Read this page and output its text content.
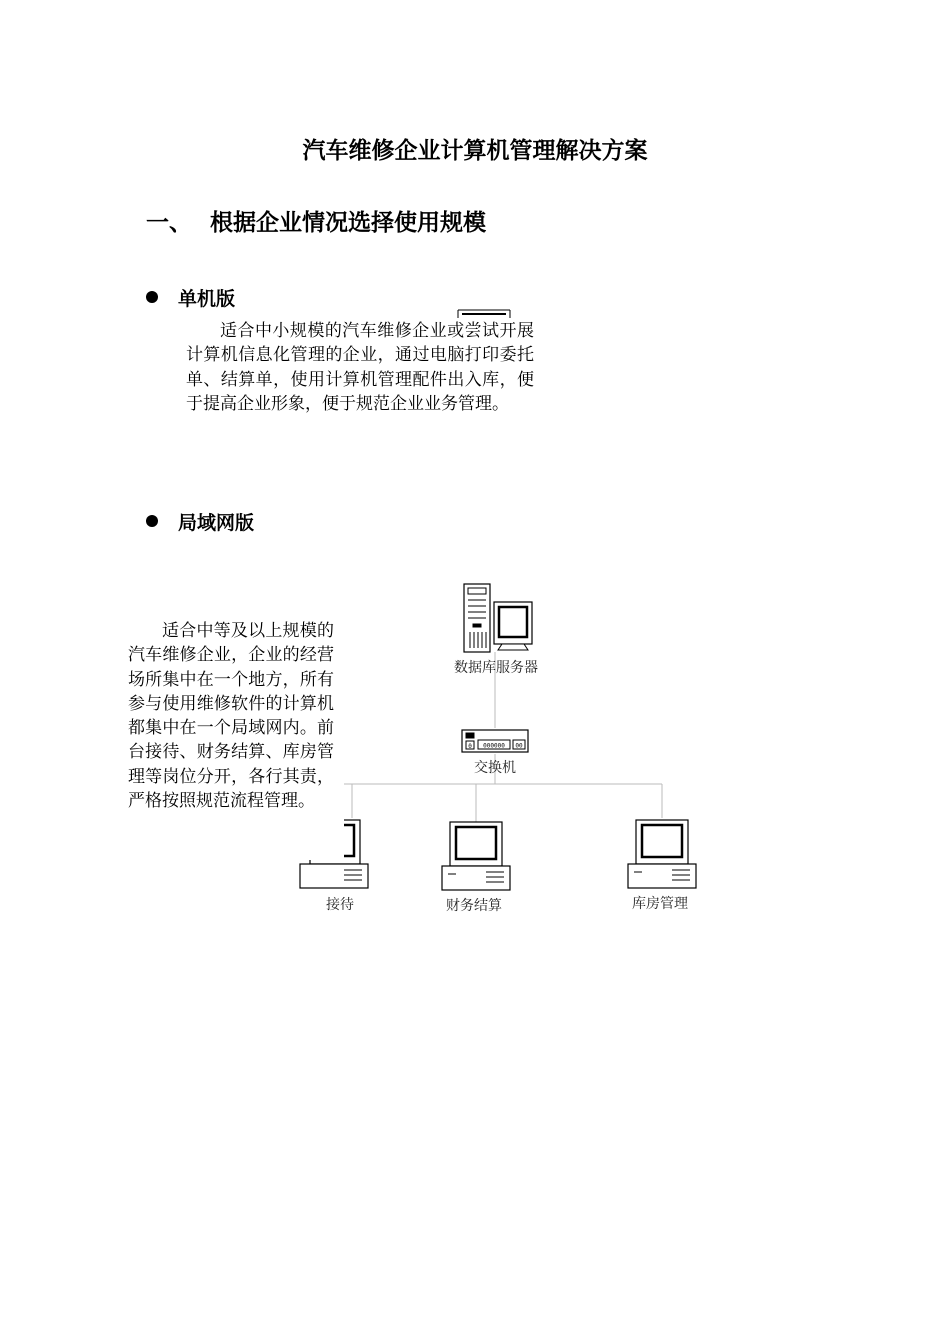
汽车维修企业计算机管理解决方案
一、 根据企业情况选择使用规模
单机版

适合中小规模的汽车维修企业或尝试开展计算机信息化管理的企业，通过电脑打印委托单、结算单，使用计算机管理配件出入库，便于提高企业形象，便于规范企业业务管理。

局域网版
数据库服务器
0 000000 00
交换机
接待	财务结算	库房管理

适合中等及以上规模的汽车维修企业，企业的经营场所集中在一个地方，所有参与使用维修软件的计算机都集中在一个局域网内。前台接待、财务结算、库房管理等岗位分开，各行其责，严格按照规范流程管理。
